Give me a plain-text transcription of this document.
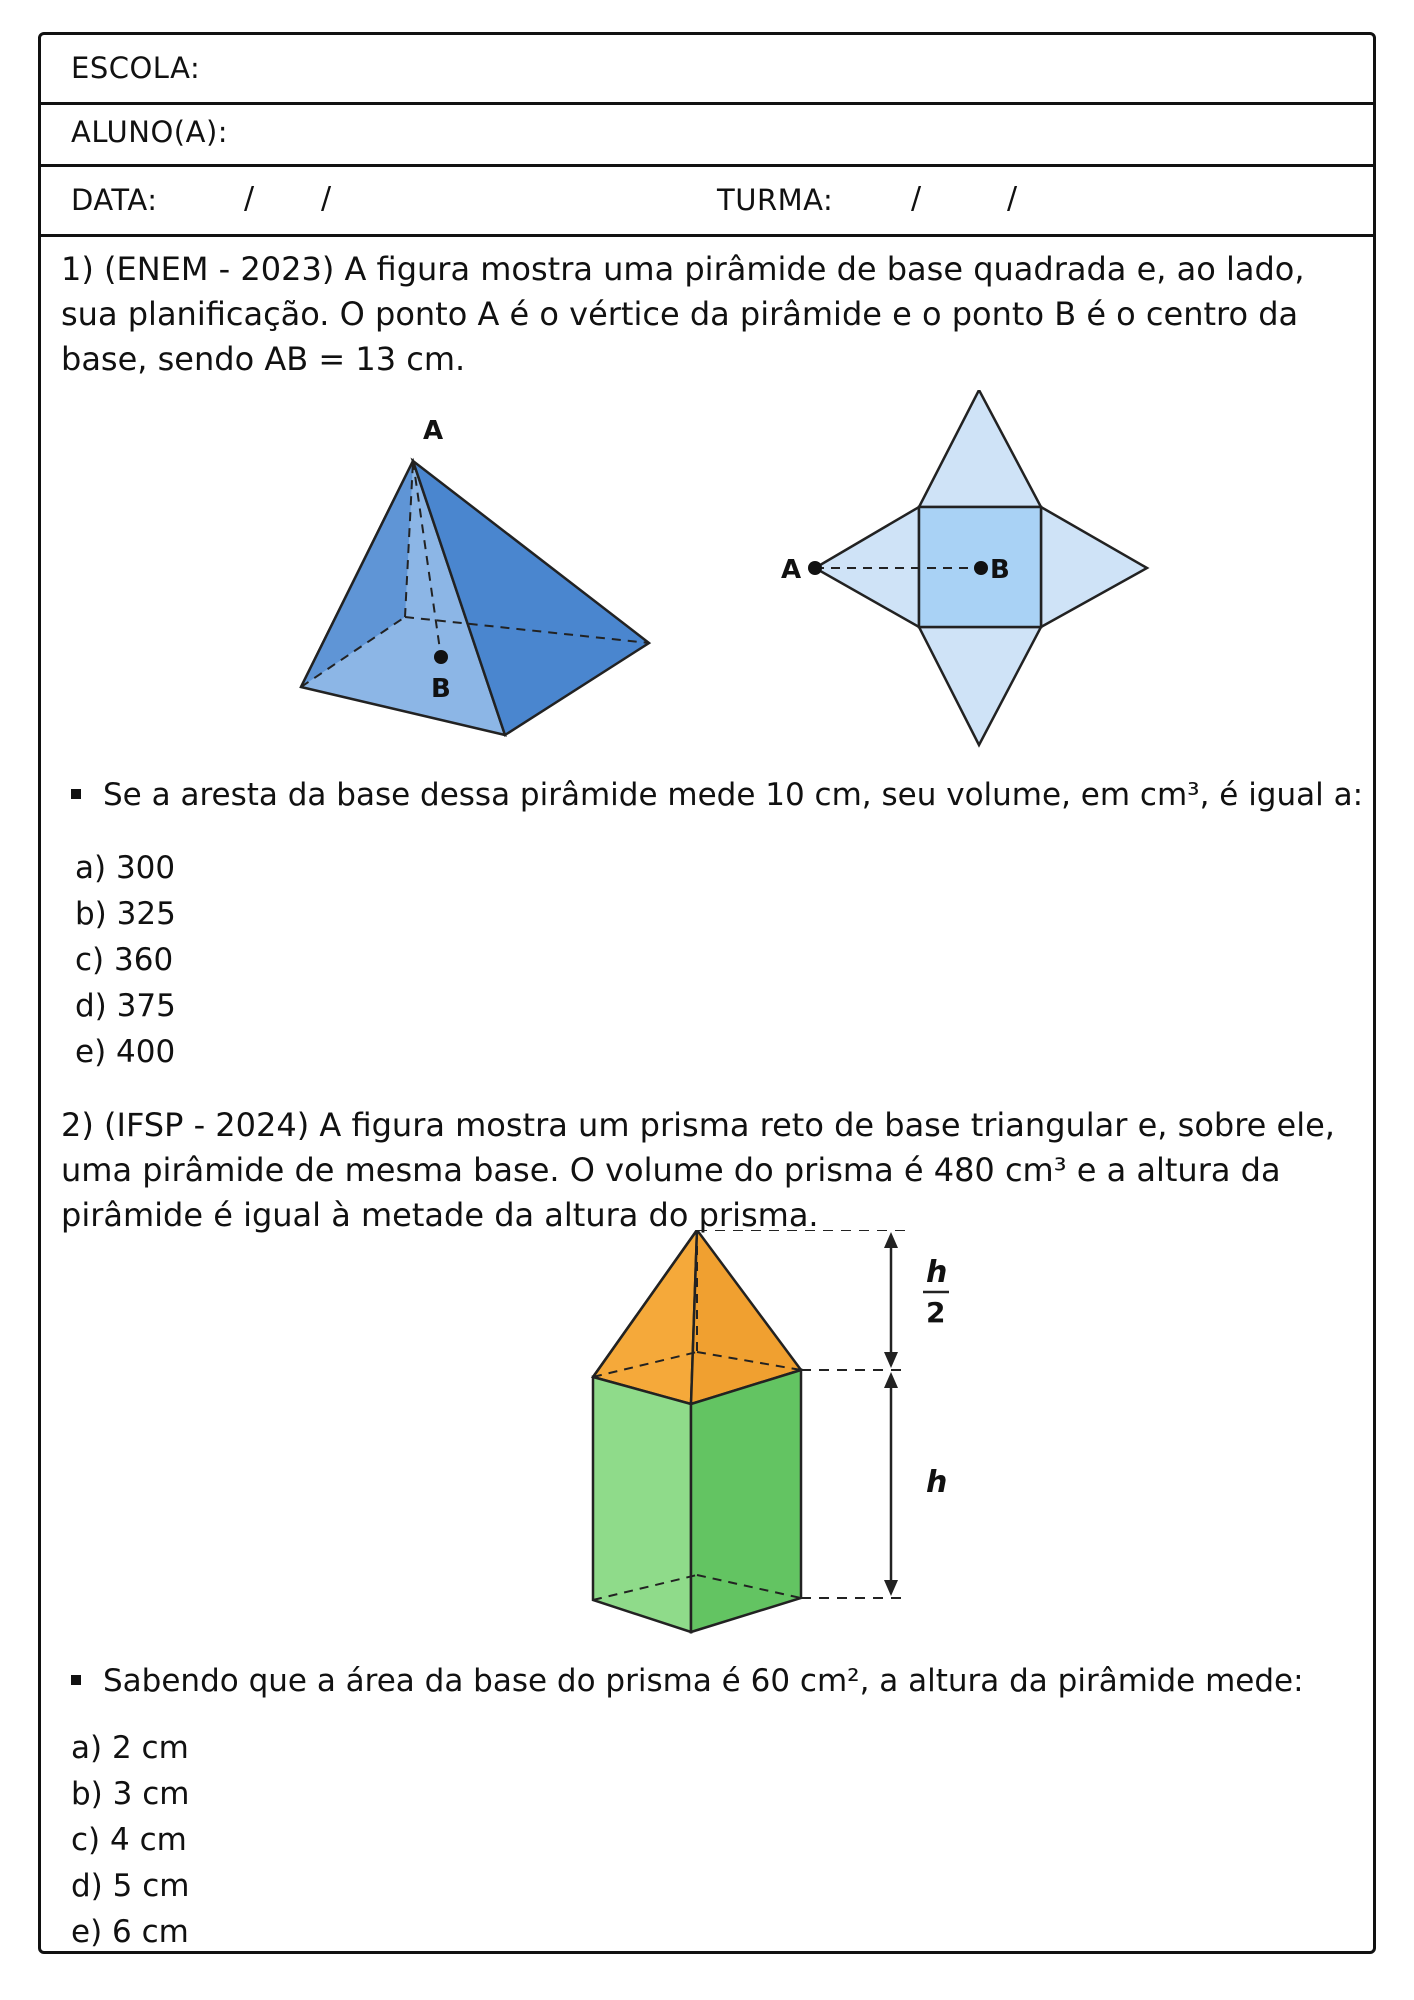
ESCOLA:
ALUNO(A):
DATA:	/ /	TURMA:	/	/
1) (ENEM - 2023) A figura mostra uma pirâmide de base quadrada e, ao lado, sua planificação. O ponto A é o vértice da pirâmide e o ponto B é o centro da base, sendo AB = 13 cm.
A
B
A	B
Se a aresta da base dessa pirâmide mede 10 cm, seu volume, em cm³, é igual a:
a) 300
b) 325
c) 360
d) 375
e) 400
2) (IFSP - 2024) A figura mostra um prisma reto de base triangular e, sobre ele, uma pirâmide de mesma base. O volume do prisma é 480 cm³ e a altura da pirâmide é igual à metade da altura do prisma.
h
2
h
Sabendo que a área da base do prisma é 60 cm², a altura da pirâmide mede:
a) 2 cm
b) 3 cm
c) 4 cm
d) 5 cm
e) 6 cm
